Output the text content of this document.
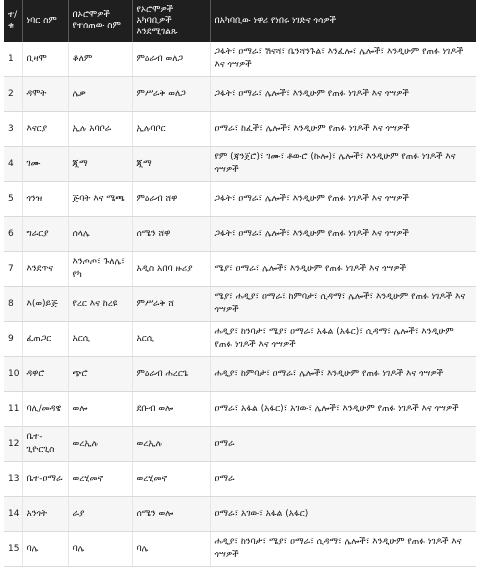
ተ/ቁ	ነባር ስም	በኦሮሞዎች የተሰጠው ስም	የኦሮሞዎች አካባቢዎች እንደሚገልጹ	በአካባቢው ነዋሪ የነበሩ ነገድና ጎሳዎች
1	ቢዛሞ	ቆለም	ምዕራብ ወለጋ	ጋፋት፣ ዐማራ፣ ሽናሻ፣ ቤንሻንጉል፣ እንፈሎ፣ ሌሎች፣ እንዲሁም የጠፉ ነገዶች እና ጎሣዎች
2	ዳሞት	ሌቃ	ምሥራቅ ወለጋ	ጋፋት፣ ዐማራ፣ ሌሎች፣ እንዲሁም የጠፉ ነገዶች እና ጎሣዎች
3	እናርያ	ኢሉ አባቦራ	ኢሉባቦር	ዐማራ፣ ከፈች፣ ሌሎች፣ እንዲሁም የጠፉ ነገዶች እና ጎሣዎች
4	ገሙ	ጂማ	ጂማ	የም (ጃንጀሮ)፣ ገሙ፣ ቶውሮ (ኩሎ)፣ ሌሎች፣ እንዲሁም የጠፉ ነገዶች እና ጎሣዎች
5	ጎንዝ	ጅባት እና ሜጫ	ምዕራብ ሸዋ	ጋፋት፣ ዐማራ፣ ሌሎች፣ እንዲሁም የጠፉ ነገዶች እና ጎሣዎች
6	ግራርያ	ሰላሌ	ሰሜን ሸዋ	ጋፋት፣ ዐማራ፣ ሌሎች፣ እንዲሁም የጠፉ ነገዶች እና ጎሣዎች
7	እንደጥና	እንጦጦ፣ ጉለሌ፣ የካ	አዲስ አበባ ዙሪያ	ሜያ፣ ዐማራ፣ ሌሎች፣ እንዲሁም የጠፉ ነገዶች እና ጎሣዎች
8	እ(ወ)ይጅ	የረር እና ከረዩ	ምሥራቅ ሸ	ሜያ፣ ሐዲያ፣ ዐማራ፣ ከምባታ፣ ሲዳማ፣ ሌሎች፣ እንዲሁም የጠፉ ነገዶች እና ጎሣዎች
9	ፈጠጋር	አርሲ	አርሲ	ሐዲያ፣ ከንባታ፣ ሜያ፣ ዐማራ፣ አፋል (አፋር)፣ ሲዳማ፣ ሌሎች፣ እንዲሁም የጠፉ ነገዶች እና ጎሣዎች
10	ዳዋሮ	ጭሮ	ምዕራብ ሐረርጌ	ሐዲያ፣ ከምባታ፣ ዐማራ፣ ሌሎች፣ እንዲሁም የጠፉ ነገዶች እና ጎሣዎች
11	ባሊ/መዳዌ	ወሎ	ደቡብ ወሎ	ዐማራ፣ አፋል (አፋር)፣ አገው፣ ሌሎች፣ እንዲሁም የጠፉ ነገዶች እና ጎሣዎች
12	ቤተ-ጊዮርጊስ	ወረኢሉ	ወረኢሉ	ዐማራ
13	ቤተ-ዐማራ	ወረሂመኖ	ወረሂመኖ	ዐማራ
14	አንጎት	ራያ	ሰሜን ወሎ	ዐማራ፣ አገው፣ አፋል (አፋር)
15	ባሌ	ባሌ	ባሌ	ሐዲያ፣ ከንባታ፣ ሜያ፣ ዐማራ፣ ሲዳማ፣ ሌሎች፣ እንዲሁም የጠፉ ነገዶች እና ጎሣዎች
